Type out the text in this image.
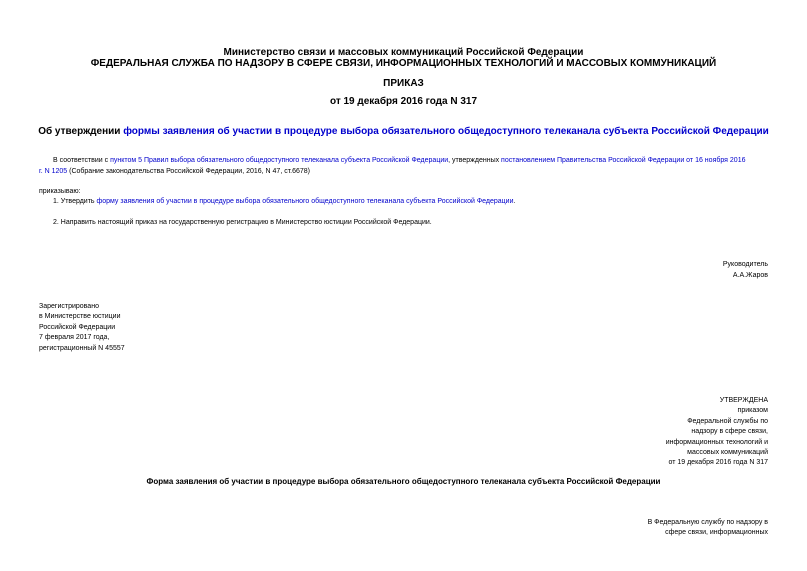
Министерство связи и массовых коммуникаций Российской Федерации
ФЕДЕРАЛЬНАЯ СЛУЖБА ПО НАДЗОРУ В СФЕРЕ СВЯЗИ, ИНФОРМАЦИОННЫХ ТЕХНОЛОГИЙ И МАССОВЫХ КОММУНИКАЦИЙ
ПРИКАЗ
от 19 декабря 2016 года N 317
Об утверждении формы заявления об участии в процедуре выбора обязательного общедоступного телеканала субъекта Российской Федерации
В соответствии с пунктом 5 Правил выбора обязательного общедоступного телеканала субъекта Российской Федерации, утвержденных постановлением Правительства Российской Федерации от 16 ноября 2016
г. N 1205 (Собрание законодательства Российской Федерации, 2016, N 47, ст.6678)
приказываю:
1. Утвердить форму заявления об участии в процедуре выбора обязательного общедоступного телеканала субъекта Российской Федерации.
2. Направить настоящий приказ на государственную регистрацию в Министерство юстиции Российской Федерации.
Руководитель
А.А.Жаров
Зарегистрировано
в Министерстве юстиции
Российской Федерации
7 февраля 2017 года,
регистрационный N 45557
УТВЕРЖДЕНА
приказом
Федеральной службы по
надзору в сфере связи,
информационных технологий и
массовых коммуникаций
от 19 декабря 2016 года N 317
Форма заявления об участии в процедуре выбора обязательного общедоступного телеканала субъекта Российской Федерации
В Федеральную службу по надзору в
сфере связи, информационных
